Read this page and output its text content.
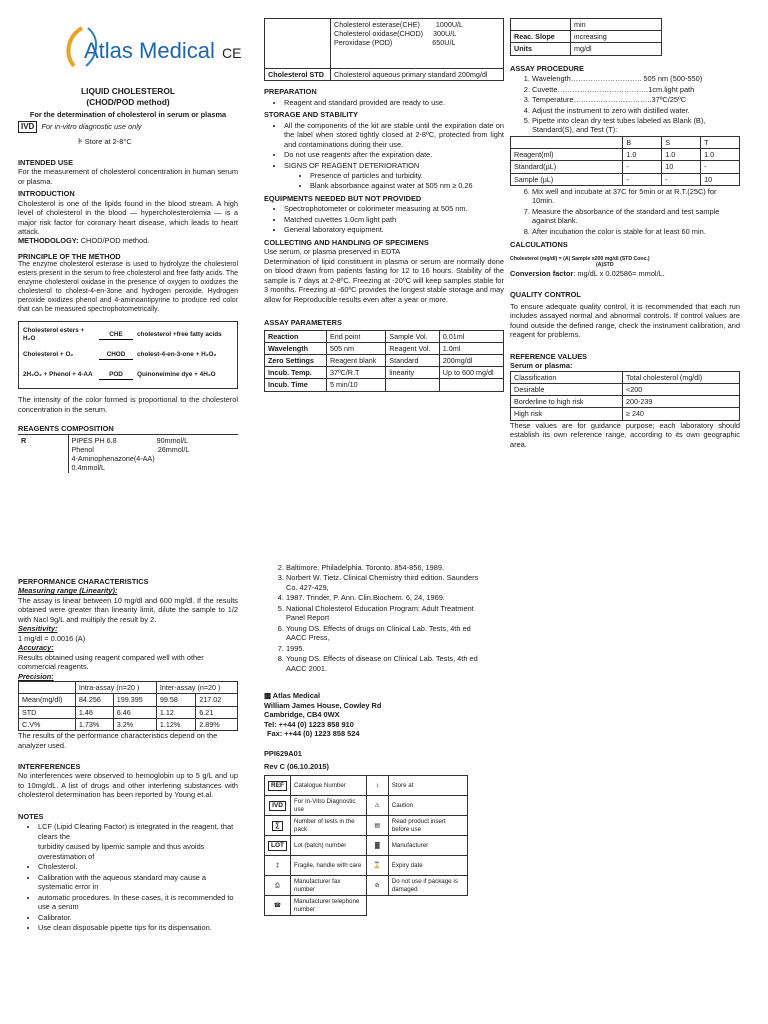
Atlas Medical CE
LIQUID CHOLESTEROL
(CHOD/POD method)
For the determination of cholesterol in serum or plasma
IVD For in-vitro diagnostic use only
⊧ Store at 2-8°C
INTENDED USE
For the measurement of cholesterol concentration in human serum or plasma.
INTRODUCTION
Cholesterol is one of the lipids found in the blood stream. A high level of cholesterol in the blood — hypercholesterolemia — is a major risk factor for coronary heart disease, which leads to heart attack.
METHODOLOGY: CHOD/POD method.
PRINCIPLE OF THE METHOD
The enzyme cholesterol esterase is used to hydrolyze the cholesterol esters present in the serum to free cholesterol and free fatty acids. The enzyme cholesterol oxidase in the presence of oxygen to oxidizes the cholesterol to cholest-4-en-3one and hydrogen peroxide. Hydrogen peroxide oxidizes phenol and 4-aminoantipyrine to produce red color that can be measured spectrophotometrically.
Cholesterol esters + H₂O
CHE	cholesterol +free fatty acids
Cholesterol + O₂	CHOD	cholest-4-en-3-one + H₂O₂
2H₂O₂ + Phenol + 4-AA	POD	Quinoneimine dye + 4H₂O
The intensity of the color formed is proportional to the cholesterol concentration in the serum.
REAGENTS COMPOSITION
R	PIPES PH 6.8                    90mmol/L
Phenol                                26mmol/L
4-Aminophenazone(4-AA)
0.4mmol/L

	Cholesterol esterase(CHE)        1000U/L
Cholesterol oxidase(CHOD)     300U/L
Peroxidase (POD)                    650U/L

Cholesterol STD	Cholesterol aqueous primary standard 200mg/dl
PREPARATION
• Reagent and standard provided are ready to use.
STORAGE AND STABILITY
• All the components of the kit are stable until the expiration date on the label when stored tightly closed at 2-8ºC, protected from light and contaminations during their use.
• Do not use reagents after the expiration date.
• SIGNS OF REAGENT DETERIORATION
• Presence of particles and turbidity.
• Blank absorbance against water at 505 nm ≥ 0.26
EQUIPMENTS NEEDED BUT NOT PROVIDED
• Spectrophotometer or colorimeter measuring at 505 nm.
• Matched cuvettes 1.0cm light path
• General laboratory equipment.
COLLECTING AND HANDLING OF SPECIMENS
Use serum, or plasma preserved in EDTA
Determination of lipid constituent in plasma or serum are normally done on blood drawn from patients fasting for 12 to 16 hours. Stability of the sample is 7 days at 2-8ºC. Freezing at -20ºC will keep samples stable for 3 months. Freezing at -60ºC provides the longest stable storage and may allow for Reproducible results even after a year or more.
ASSAY PARAMETERS
Reaction	End point	Sample Vol.	0.01ml
Wavelength	505 nm	Reagent Vol.	1.0ml
Zero Settings	Reagent blank	Standard	200mg/dl
Incub. Temp.	37ºC/R.T	linearity	Up to 600 mg/dl
Incub. Time	5 min/10		
	min
Reac. Slope	increasing
Units	mg/dl
ASSAY PROCEDURE
1. Wavelength……………………….. 505 nm (500-550)
2. Cuvette……………………………….1cm.light path
3. Temperature…………………………..37ºC/25ºC
4. Adjust the instrument to zero with distilled water.
5. Pipette into clean dry test tubes labeled as Blank (B), Standard(S), and Test (T):
	B	S	T
Reagent(ml)	1.0	1.0	1.0
Standard(µL)	-	10	-
Sample (µL)	-	-	10
6. Mix well and incubate at 37C for 5min or at R.T.(25C) for 10min.
7. Measure the absorbance of the standard and test sample against blank.
8. After incubation the color is stable for at least 60 min.
CALCULATIONS
Cholesterol (mg/dl) = (A) Sample x200 mg/dl (STD Conc.)
(A)STD
Conversion factor: mg/dL x 0.02586= mmol/L.
QUALITY CONTROL
To ensure adequate quality control, it is recommended that each run includes assayed normal and abnormal controls. If control values are found outside the defined range, check the instrument calibration, and reagent for problems.
REFERENCE VALUES
Serum or plasma:
Classification	Total cholesterol (mg/dl)
Desirable	<200
Borderline to high risk	200-239
High risk	≥ 240
These values are for guidance purpose; each laboratory should establish its own reference range, according to its own geographic area.
PERFORMANCE CHARACTERISTICS
Measuring range (Linearity):
The assay is linear between 10 mg/dl and 600 mg/dl. If the results obtained were greater than linearity limit, dilute the sample to 1/2 with Nacl 9g/L and multiply the result by 2.
Sensitivity:
1 mg/dl = 0.0016 (A)
Accuracy:
Results obtained using reagent compared well with other commercial reagents.
Precision:
	Intra-assay (n=20 )		Inter-assay (n=20 )	
Mean(mg/dl)	84.256	199.395	99.58	217.02
STD	1.46	6.46	1.12	6.21
C.V%	1.73%	3.2%	1.12%	2.89%
The results of the performance characteristics depend on the analyzer used.
INTERFERENCES
No interferences were observed to hemoglobin up to 5 g/L and up to 10mg/dL. A list of drugs and other interfering substances with cholesterol determination has been reported by Young et.al.
NOTES
• LCF (Lipid Clearing Factor) is integrated in the reagent, that clears the
turbidity caused by lipemic sample and thus avoids overestimation of
• Cholesterol.
• Calibration with the aqueous standard may cause a systematic error in
• automatic procedures. In these cases, it is recommended to use a serum
• Calibrator.
• Use clean disposable pipette tips for its dispensation.
2. Baltimore. Philadelphia. Toronto. 854-856, 1989.
3. Norbert W. Tietz. Clinical Chemistry third edition. Saunders Co. 427-429,
4. 1987. Trinder, P. Ann. Clin.Biochem. 6, 24, 1969.
5. National Cholesterol Education Program: Adult Treatment Panel Report
6. Young DS. Effects of drugs on Clinical Lab. Tests, 4th ed AACC Press,
7. 1995.
8. Young DS. Effects of disease on Clinical Lab. Tests, 4th ed AACC 2001.
▩ Atlas Medical
William James House, Cowley Rd
Cambridge, CB4 0WX
Tel: ++44 (0) 1223 858 910
Fax: ++44 (0) 1223 858 524
PPI629A01
Rev C (06.10.2015)
REF	Catalogue Number	↕	Store at
IVD	For In-Vitro Diagnostic use	⚠	Caution
∑	Number of tests in the pack	▤	Read product insert before use
LOT	Lot (batch) number	▓	Manufacturer
‡	Fragile, handle with care	⌛	Expiry date
⎙	Manufacturer fax number	⊘	Do not use if package is damaged
☎	Manufacturer telephone number		
